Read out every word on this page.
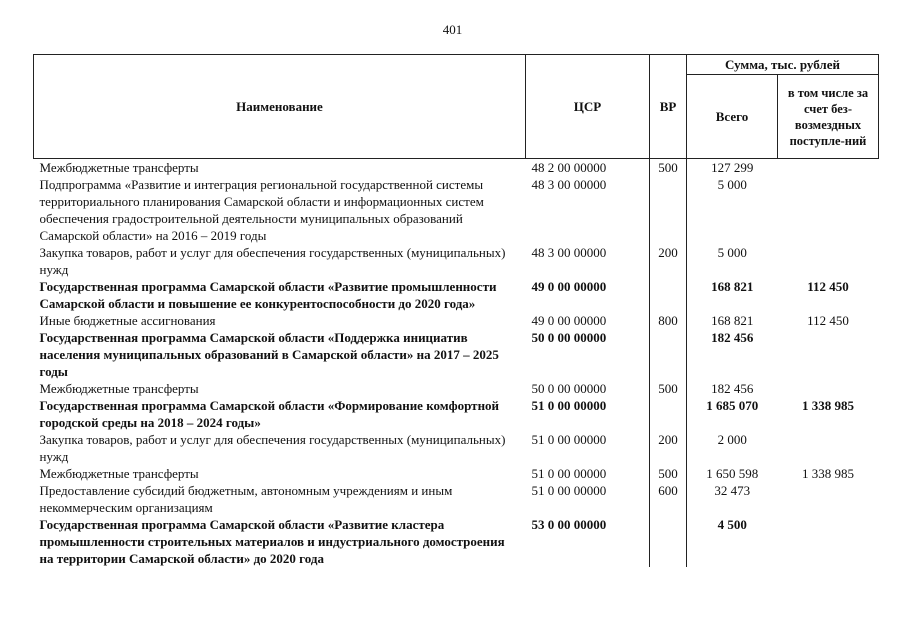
401
Наименование	ЦСР	ВР	Сумма, тыс. рублей	
			Всего	в том числе за счет без-возмездных поступле-ний
Межбюджетные трансферты	48 2 00 00000	500	127 299	
Подпрограмма «Развитие и интеграция региональной государственной системы территориального планирования Самарской области и информационных систем обеспечения градостроительной деятельности муниципальных образований Самарской области» на 2016 – 2019 годы	48 3 00 00000		5 000	
Закупка товаров, работ и услуг для обеспечения государственных (муниципальных) нужд	48 3 00 00000	200	5 000	
Государственная программа Самарской области «Развитие промышленности Самарской области и повышение ее конкурентоспособности до 2020 года»	49 0 00 00000		168 821	112 450
Иные бюджетные ассигнования	49 0 00 00000	800	168 821	112 450
Государственная программа Самарской области «Поддержка инициатив населения муниципальных образований в Самарской области» на 2017 – 2025 годы	50 0 00 00000		182 456	
Межбюджетные трансферты	50 0 00 00000	500	182 456	
Государственная программа Самарской области «Формирование комфортной городской среды на 2018 – 2024 годы»	51 0 00 00000		1 685 070	1 338 985
Закупка товаров, работ и услуг для обеспечения государственных (муниципальных) нужд	51 0 00 00000	200	2 000	
Межбюджетные трансферты	51 0 00 00000	500	1 650 598	1 338 985
Предоставление субсидий бюджетным, автономным учреждениям и иным некоммерческим организациям	51 0 00 00000	600	32 473	
Государственная программа Самарской области «Развитие кластера промышленности строительных материалов и индустриального домостроения на территории Самарской области» до 2020 года	53 0 00 00000		4 500	
